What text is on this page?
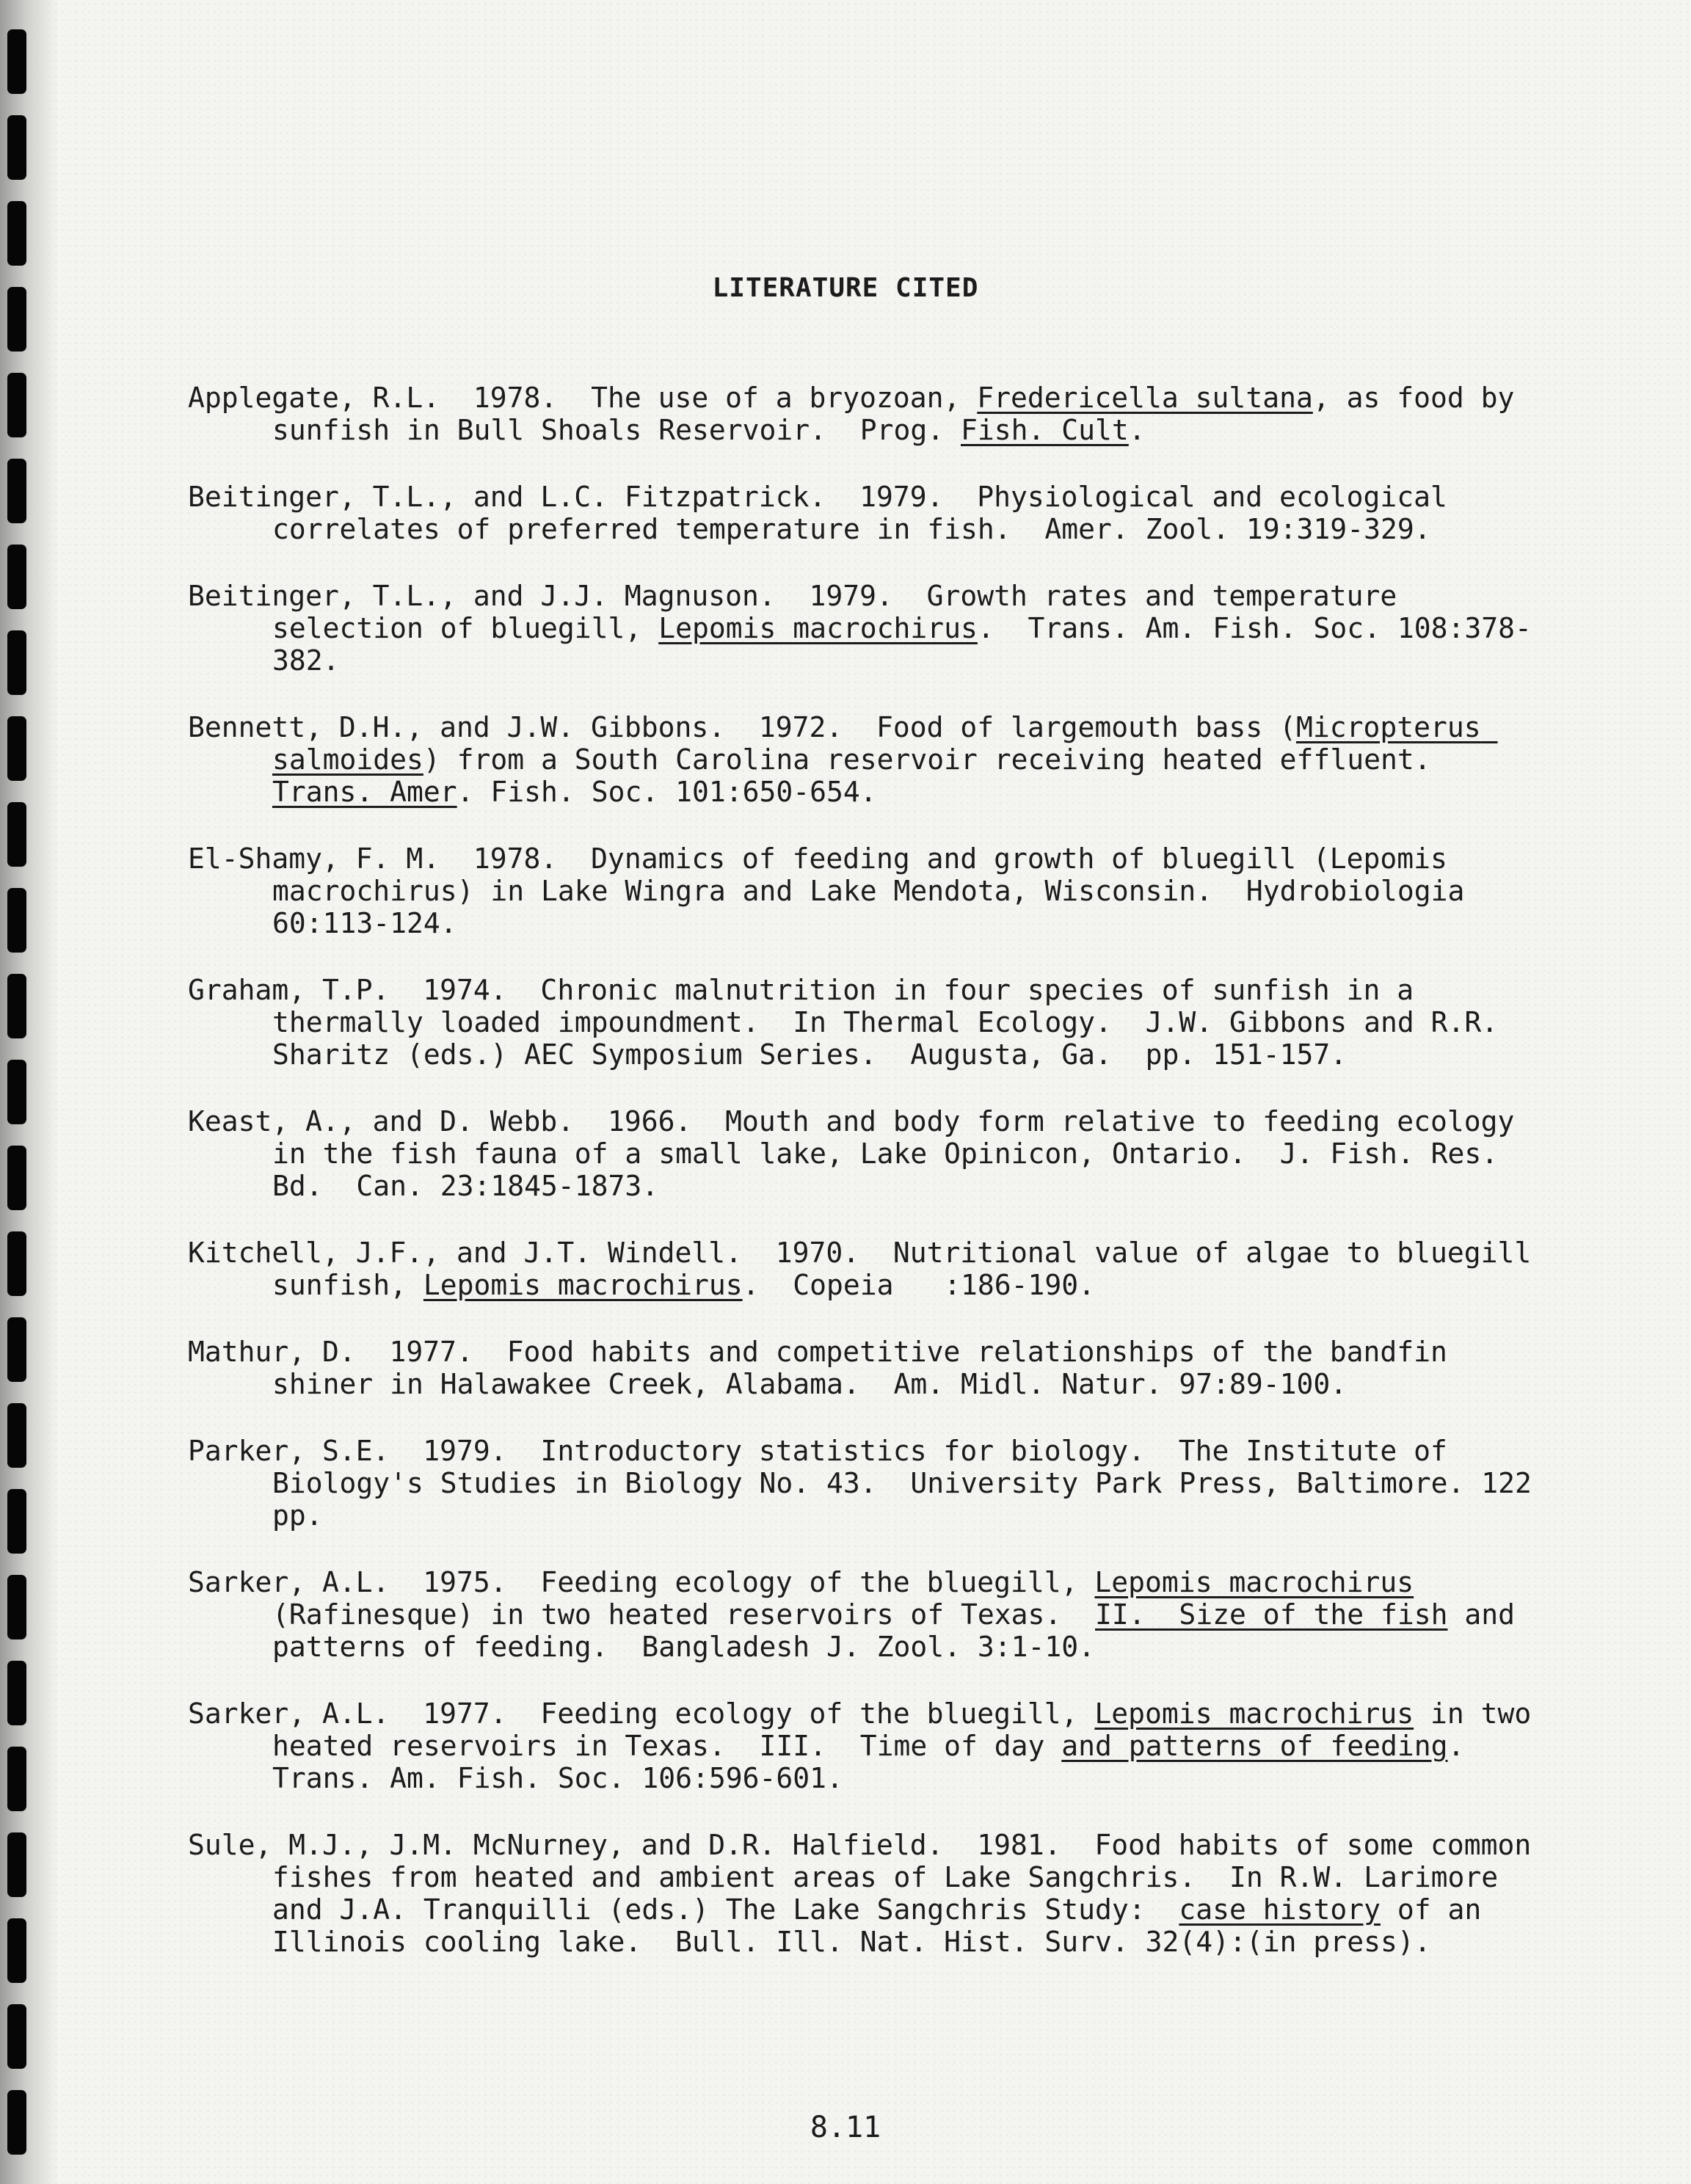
LITERATURE CITED

Applegate, R.L.  1978.  The use of a bryozoan, Fredericella sultana, as food by sunfish in Bull Shoals Reservoir.  Prog. Fish. Cult.

Beitinger, T.L., and L.C. Fitzpatrick.  1979.  Physiological and ecological correlates of preferred temperature in fish.  Amer. Zool. 19:319-329.

Beitinger, T.L., and J.J. Magnuson.  1979.  Growth rates and temperature selection of bluegill, Lepomis macrochirus.  Trans. Am. Fish. Soc. 108:378-382.

Bennett, D.H., and J.W. Gibbons.  1972.  Food of largemouth bass (Micropterus salmoides) from a South Carolina reservoir receiving heated effluent.  Trans. Amer. Fish. Soc. 101:650-654.

El-Shamy, F. M.  1978.  Dynamics of feeding and growth of bluegill (Lepomis macrochirus) in Lake Wingra and Lake Mendota, Wisconsin.  Hydrobiologia 60:113-124.

Graham, T.P.  1974.  Chronic malnutrition in four species of sunfish in a thermally loaded impoundment.  In Thermal Ecology.  J.W. Gibbons and R.R. Sharitz (eds.) AEC Symposium Series.  Augusta, Ga.  pp. 151-157.

Keast, A., and D. Webb.  1966.  Mouth and body form relative to feeding ecology in the fish fauna of a small lake, Lake Opinicon, Ontario.  J. Fish. Res. Bd.  Can. 23:1845-1873.

Kitchell, J.F., and J.T. Windell.  1970.  Nutritional value of algae to bluegill sunfish, Lepomis macrochirus.  Copeia   :186-190.

Mathur, D.  1977.  Food habits and competitive relationships of the bandfin shiner in Halawakee Creek, Alabama.  Am. Midl. Natur. 97:89-100.

Parker, S.E.  1979.  Introductory statistics for biology.  The Institute of Biology's Studies in Biology No. 43.  University Park Press, Baltimore. 122 pp.

Sarker, A.L.  1975.  Feeding ecology of the bluegill, Lepomis macrochirus (Rafinesque) in two heated reservoirs of Texas.  II.  Size of the fish and patterns of feeding.  Bangladesh J. Zool. 3:1-10.

Sarker, A.L.  1977.  Feeding ecology of the bluegill, Lepomis macrochirus in two heated reservoirs in Texas.  III.  Time of day and patterns of feeding.  Trans. Am. Fish. Soc. 106:596-601.

Sule, M.J., J.M. McNurney, and D.R. Halfield.  1981.  Food habits of some common fishes from heated and ambient areas of Lake Sangchris.  In R.W. Larimore and J.A. Tranquilli (eds.) The Lake Sangchris Study:  case history of an Illinois cooling lake.  Bull. Ill. Nat. Hist. Surv. 32(4):(in press).

8.11
